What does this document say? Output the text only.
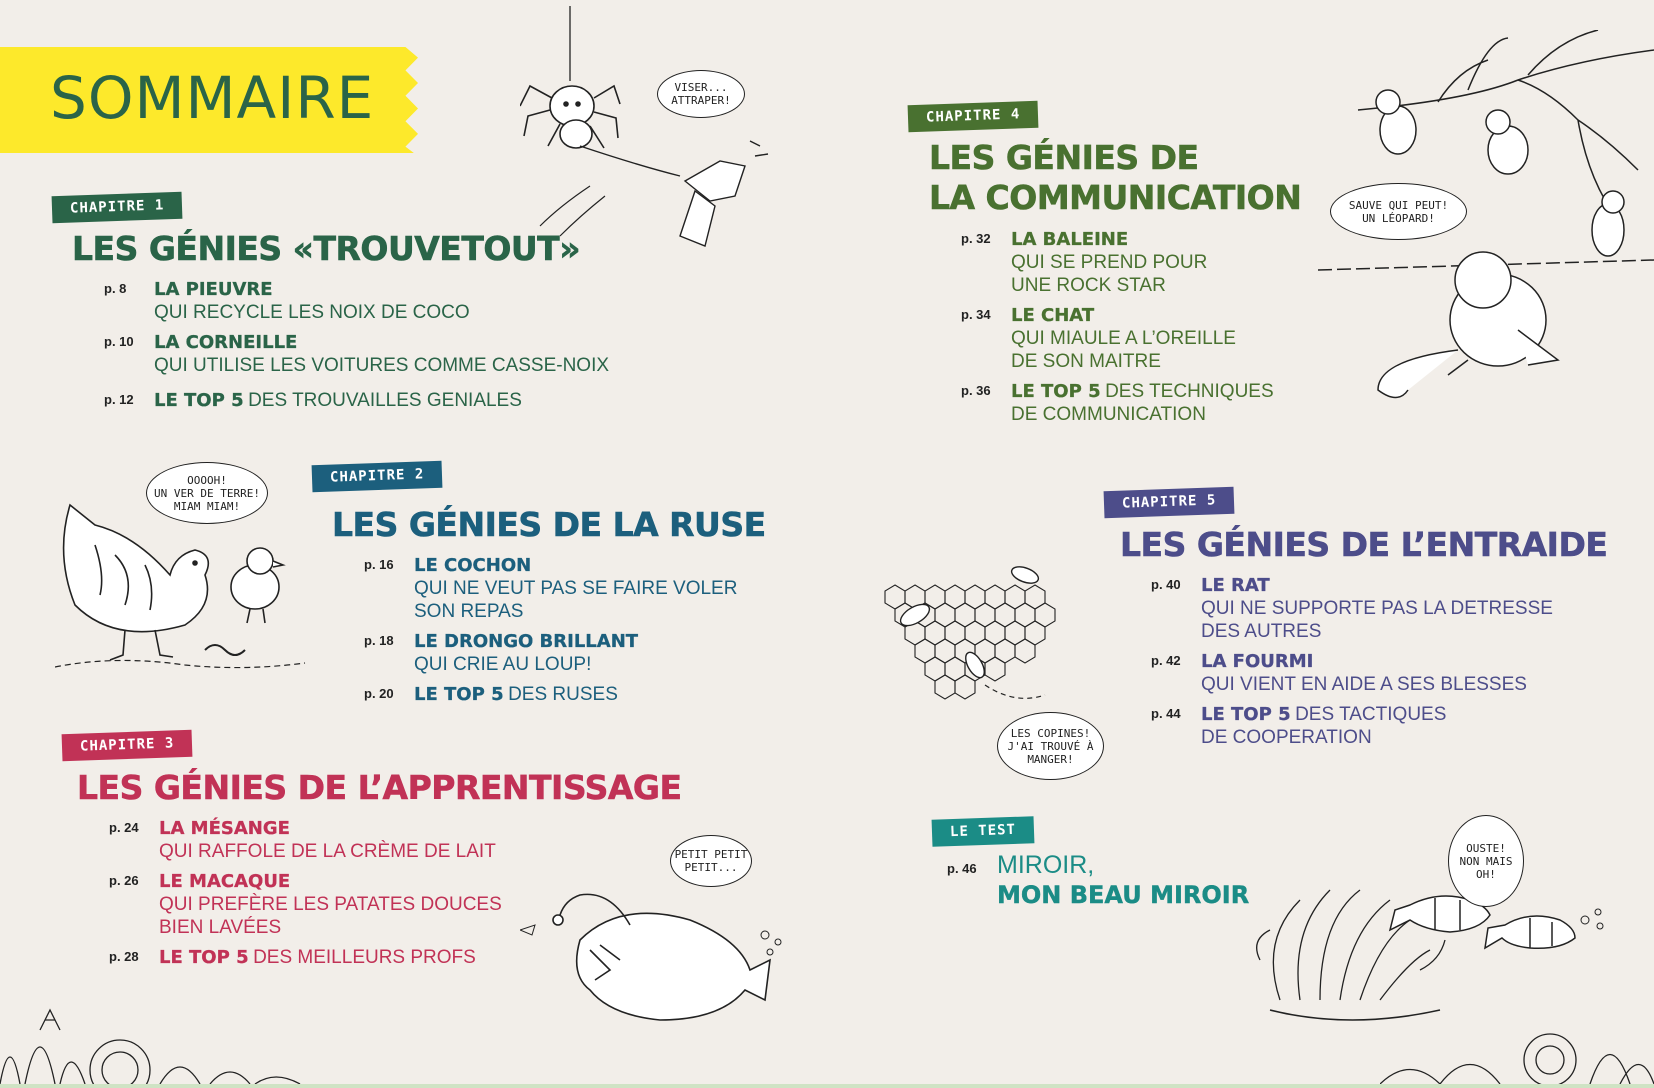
SOMMAIRE
CHAPITRE 1
LES GÉNIES «TROUVETOUT»
p. 8	LA PIEUVRE
QUI RECYCLE LES NOIX DE COCO
p. 10	LA CORNEILLE
QUI UTILISE LES VOITURES COMME CASSE-NOIX
p. 12	LE TOP 5 DES TROUVAILLES GENIALES
CHAPITRE 2
LES GÉNIES DE LA RUSE
p. 16	LE COCHON
QUI NE VEUT PAS SE FAIRE VOLER SON REPAS
p. 18	LE DRONGO BRILLANT
QUI CRIE AU LOUP!
p. 20	LE TOP 5 DES RUSES
CHAPITRE 3
LES GÉNIES DE L’APPRENTISSAGE
p. 24	LA MÉSANGE
QUI RAFFOLE DE LA CRÈME DE LAIT
p. 26	LE MACAQUE
QUI PREFÈRE LES PATATES DOUCES BIEN LAVÉES
p. 28	LE TOP 5 DES MEILLEURS PROFS
CHAPITRE 4
LES GÉNIES DE
LA COMMUNICATION
p. 32	LA BALEINE
QUI SE PREND POUR
UNE ROCK STAR
p. 34	LE CHAT
QUI MIAULE A L’OREILLE
DE SON MAITRE
p. 36	LE TOP 5 DES TECHNIQUES
DE COMMUNICATION
CHAPITRE 5
LES GÉNIES DE L’ENTRAIDE
p. 40	LE RAT
QUI NE SUPPORTE PAS LA DETRESSE
DES AUTRES
p. 42	LA FOURMI
QUI VIENT EN AIDE A SES BLESSES
p. 44	LE TOP 5 DES TACTIQUES
DE COOPERATION
LE TEST
p. 46 MIROIR,
MON BEAU MIROIR
VISER...
ATTRAPER!
SAUVE QUI PEUT!
UN LÉOPARD!
OOOOH!
UN VER DE TERRE!
MIAM MIAM!
LES COPINES!
J'AI TROUVÉ À
MANGER!
PETIT PETIT
PETIT...
OUSTE!
NON MAIS
OH!
